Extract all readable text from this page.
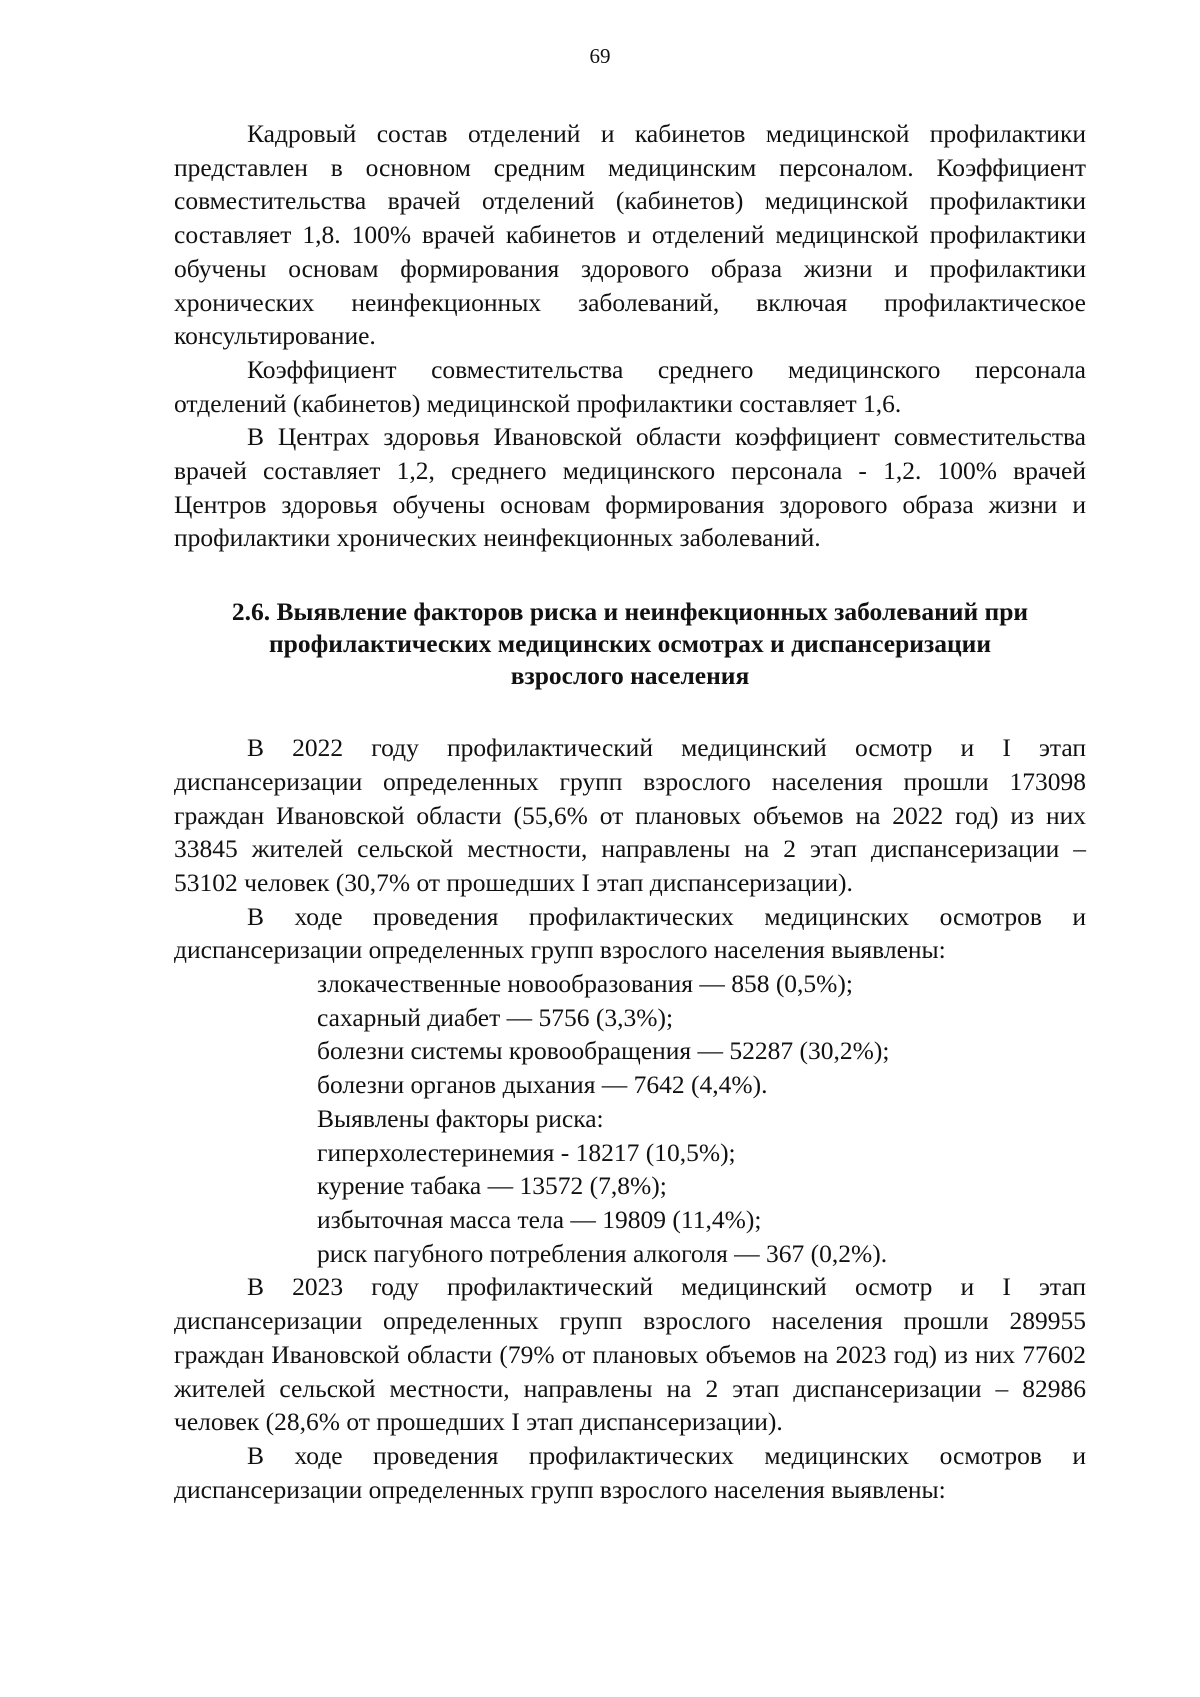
69

Кадровый состав отделений и кабинетов медицинской профилактики представлен в основном средним медицинским персоналом. Коэффициент совместительства врачей отделений (кабинетов) медицинской профилактики составляет 1,8. 100% врачей кабинетов и отделений медицинской профилактики обучены основам формирования здорового образа жизни и профилактики хронических неинфекционных заболеваний, включая профилактическое консультирование.

Коэффициент совместительства среднего медицинского персонала отделений (кабинетов) медицинской профилактики составляет 1,6.

В Центрах здоровья Ивановской области коэффициент совместительства врачей составляет 1,2, среднего медицинского персонала - 1,2. 100% врачей Центров здоровья обучены основам формирования здорового образа жизни и профилактики хронических неинфекционных заболеваний.

2.6. Выявление факторов риска и неинфекционных заболеваний при
профилактических медицинских осмотрах и диспансеризации
взрослого населения

В 2022 году профилактический медицинский осмотр и I этап диспансеризации определенных групп взрослого населения прошли 173098 граждан Ивановской области (55,6% от плановых объемов на 2022 год) из них 33845 жителей сельской местности, направлены на 2 этап диспансеризации – 53102 человек (30,7% от прошедших I этап диспансеризации).

В ходе проведения профилактических медицинских осмотров и диспансеризации определенных групп взрослого населения выявлены:

злокачественные новообразования — 858 (0,5%);
сахарный диабет — 5756 (3,3%);
болезни системы кровообращения — 52287 (30,2%);
болезни органов дыхания — 7642 (4,4%).
Выявлены факторы риска:
гиперхолестеринемия - 18217 (10,5%);
курение табака — 13572 (7,8%);
избыточная масса тела — 19809 (11,4%);
риск пагубного потребления алкоголя — 367 (0,2%).

В 2023 году профилактический медицинский осмотр и I этап диспансеризации определенных групп взрослого населения прошли 289955 граждан Ивановской области (79% от плановых объемов на 2023 год) из них 77602 жителей сельской местности, направлены на 2 этап диспансеризации – 82986 человек (28,6% от прошедших I этап диспансеризации).

В ходе проведения профилактических медицинских осмотров и диспансеризации определенных групп взрослого населения выявлены:
